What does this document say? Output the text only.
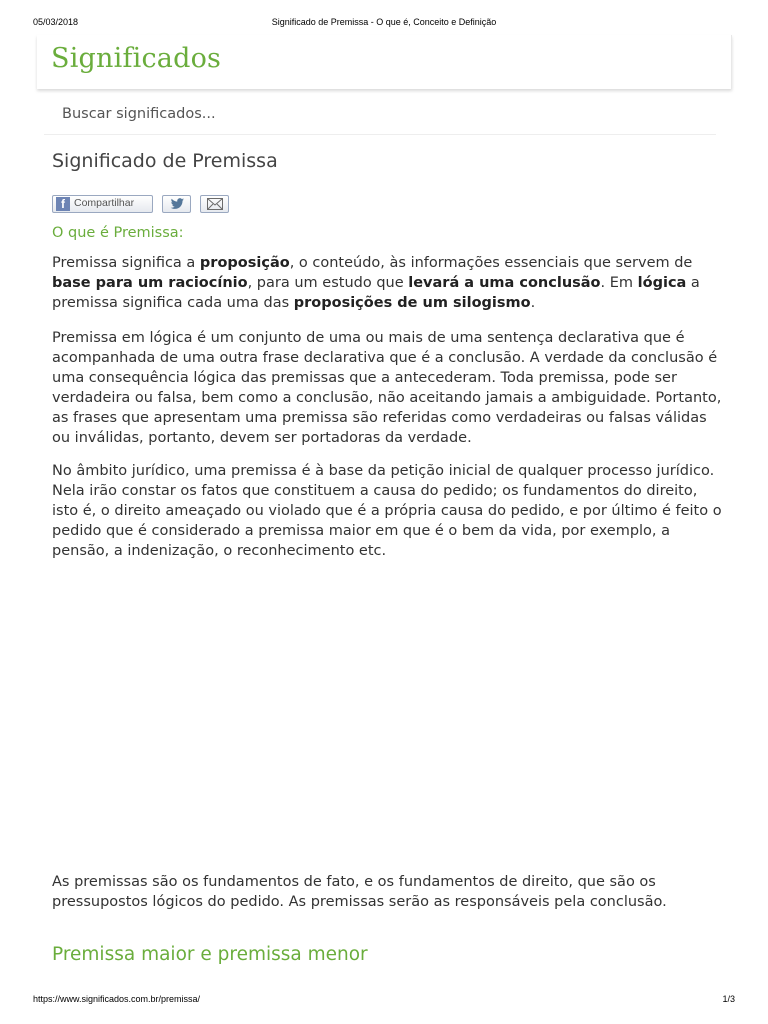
05/03/2018	Significado de Premissa - O que é, Conceito e Definição
Significados
Buscar significados...
Significado de Premissa
f Compartilhar
O que é Premissa:

Premissa significa a proposição, o conteúdo, às informações essenciais que servem de base para um raciocínio, para um estudo que levará a uma conclusão. Em lógica a premissa significa cada uma das proposições de um silogismo.

Premissa em lógica é um conjunto de uma ou mais de uma sentença declarativa que é acompanhada de uma outra frase declarativa que é a conclusão. A verdade da conclusão é uma consequência lógica das premissas que a antecederam. Toda premissa, pode ser verdadeira ou falsa, bem como a conclusão, não aceitando jamais a ambiguidade. Portanto, as frases que apresentam uma premissa são referidas como verdadeiras ou falsas válidas ou inválidas, portanto, devem ser portadoras da verdade.

No âmbito jurídico, uma premissa é à base da petição inicial de qualquer processo jurídico. Nela irão constar os fatos que constituem a causa do pedido; os fundamentos do direito, isto é, o direito ameaçado ou violado que é a própria causa do pedido, e por último é feito o pedido que é considerado a premissa maior em que é o bem da vida, por exemplo, a pensão, a indenização, o reconhecimento etc.

As premissas são os fundamentos de fato, e os fundamentos de direito, que são os pressupostos lógicos do pedido. As premissas serão as responsáveis pela conclusão.

Premissa maior e premissa menor
https://www.significados.com.br/premissa/	1/3
